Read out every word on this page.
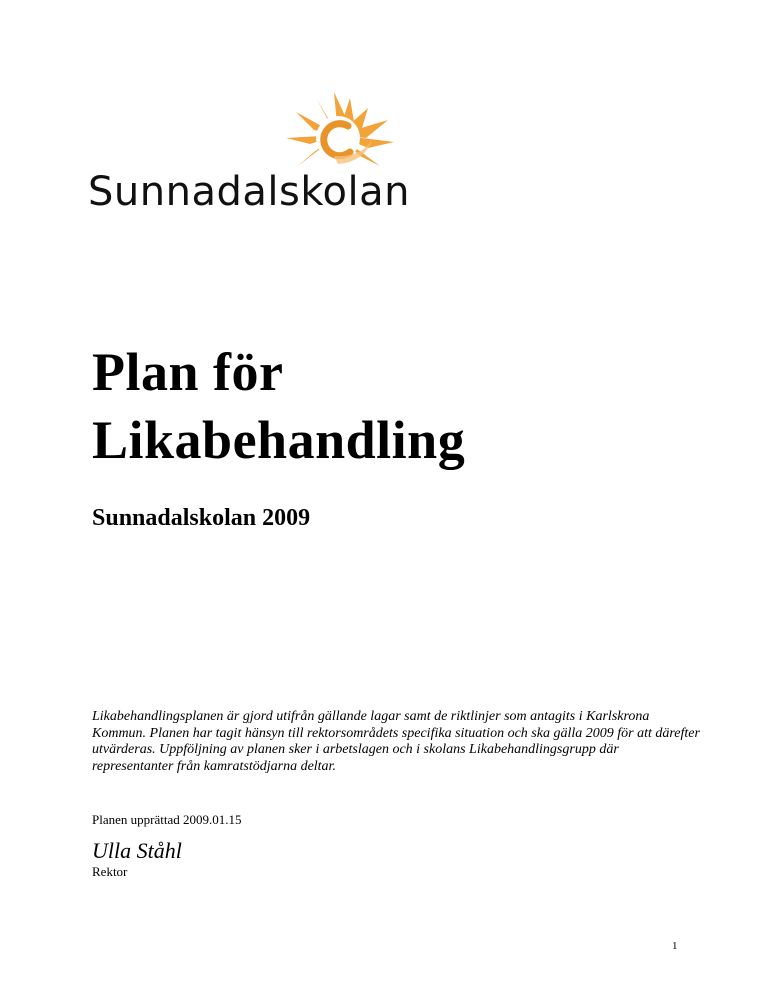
Sunnadalskolan
Plan för
Likabehandling
Sunnadalskolan 2009

Likabehandlingsplanen är gjord utifrån gällande lagar samt de riktlinjer som antagits i Karlskrona Kommun. Planen har tagit hänsyn till rektorsområdets specifika situation och ska gälla 2009 för att därefter utvärderas. Uppföljning av planen sker i arbetslagen och i skolans Likabehandlingsgrupp där representanter från kamratstödjarna deltar.

Planen upprättad 2009.01.15

Ulla Ståhl

Rektor

1
